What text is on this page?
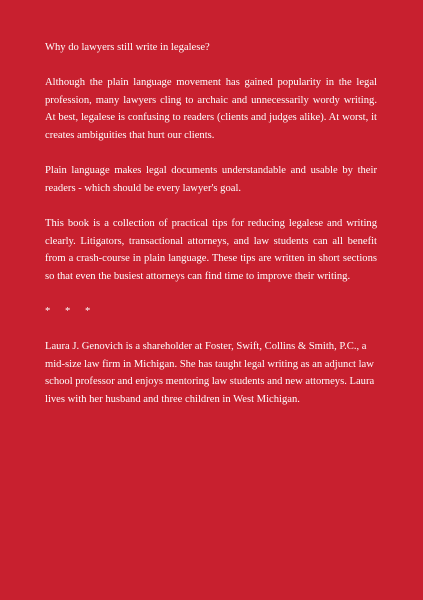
Why do lawyers still write in legalese?

Although the plain language movement has gained popularity in the legal profession, many lawyers cling to archaic and unnecessarily wordy writing. At best, legalese is confusing to readers (clients and judges alike). At worst, it creates ambiguities that hurt our clients.

Plain language makes legal documents understandable and usable by their readers - which should be every lawyer's goal.

This book is a collection of practical tips for reducing legalese and writing clearly. Litigators, transactional attorneys, and law students can all benefit from a crash-course in plain language. These tips are written in short sections so that even the busiest attorneys can find time to improve their writing.

* * *

Laura J. Genovich is a shareholder at Foster, Swift, Collins & Smith, P.C., a mid-size law firm in Michigan. She has taught legal writing as an adjunct law school professor and enjoys mentoring law students and new attorneys. Laura lives with her husband and three children in West Michigan.
